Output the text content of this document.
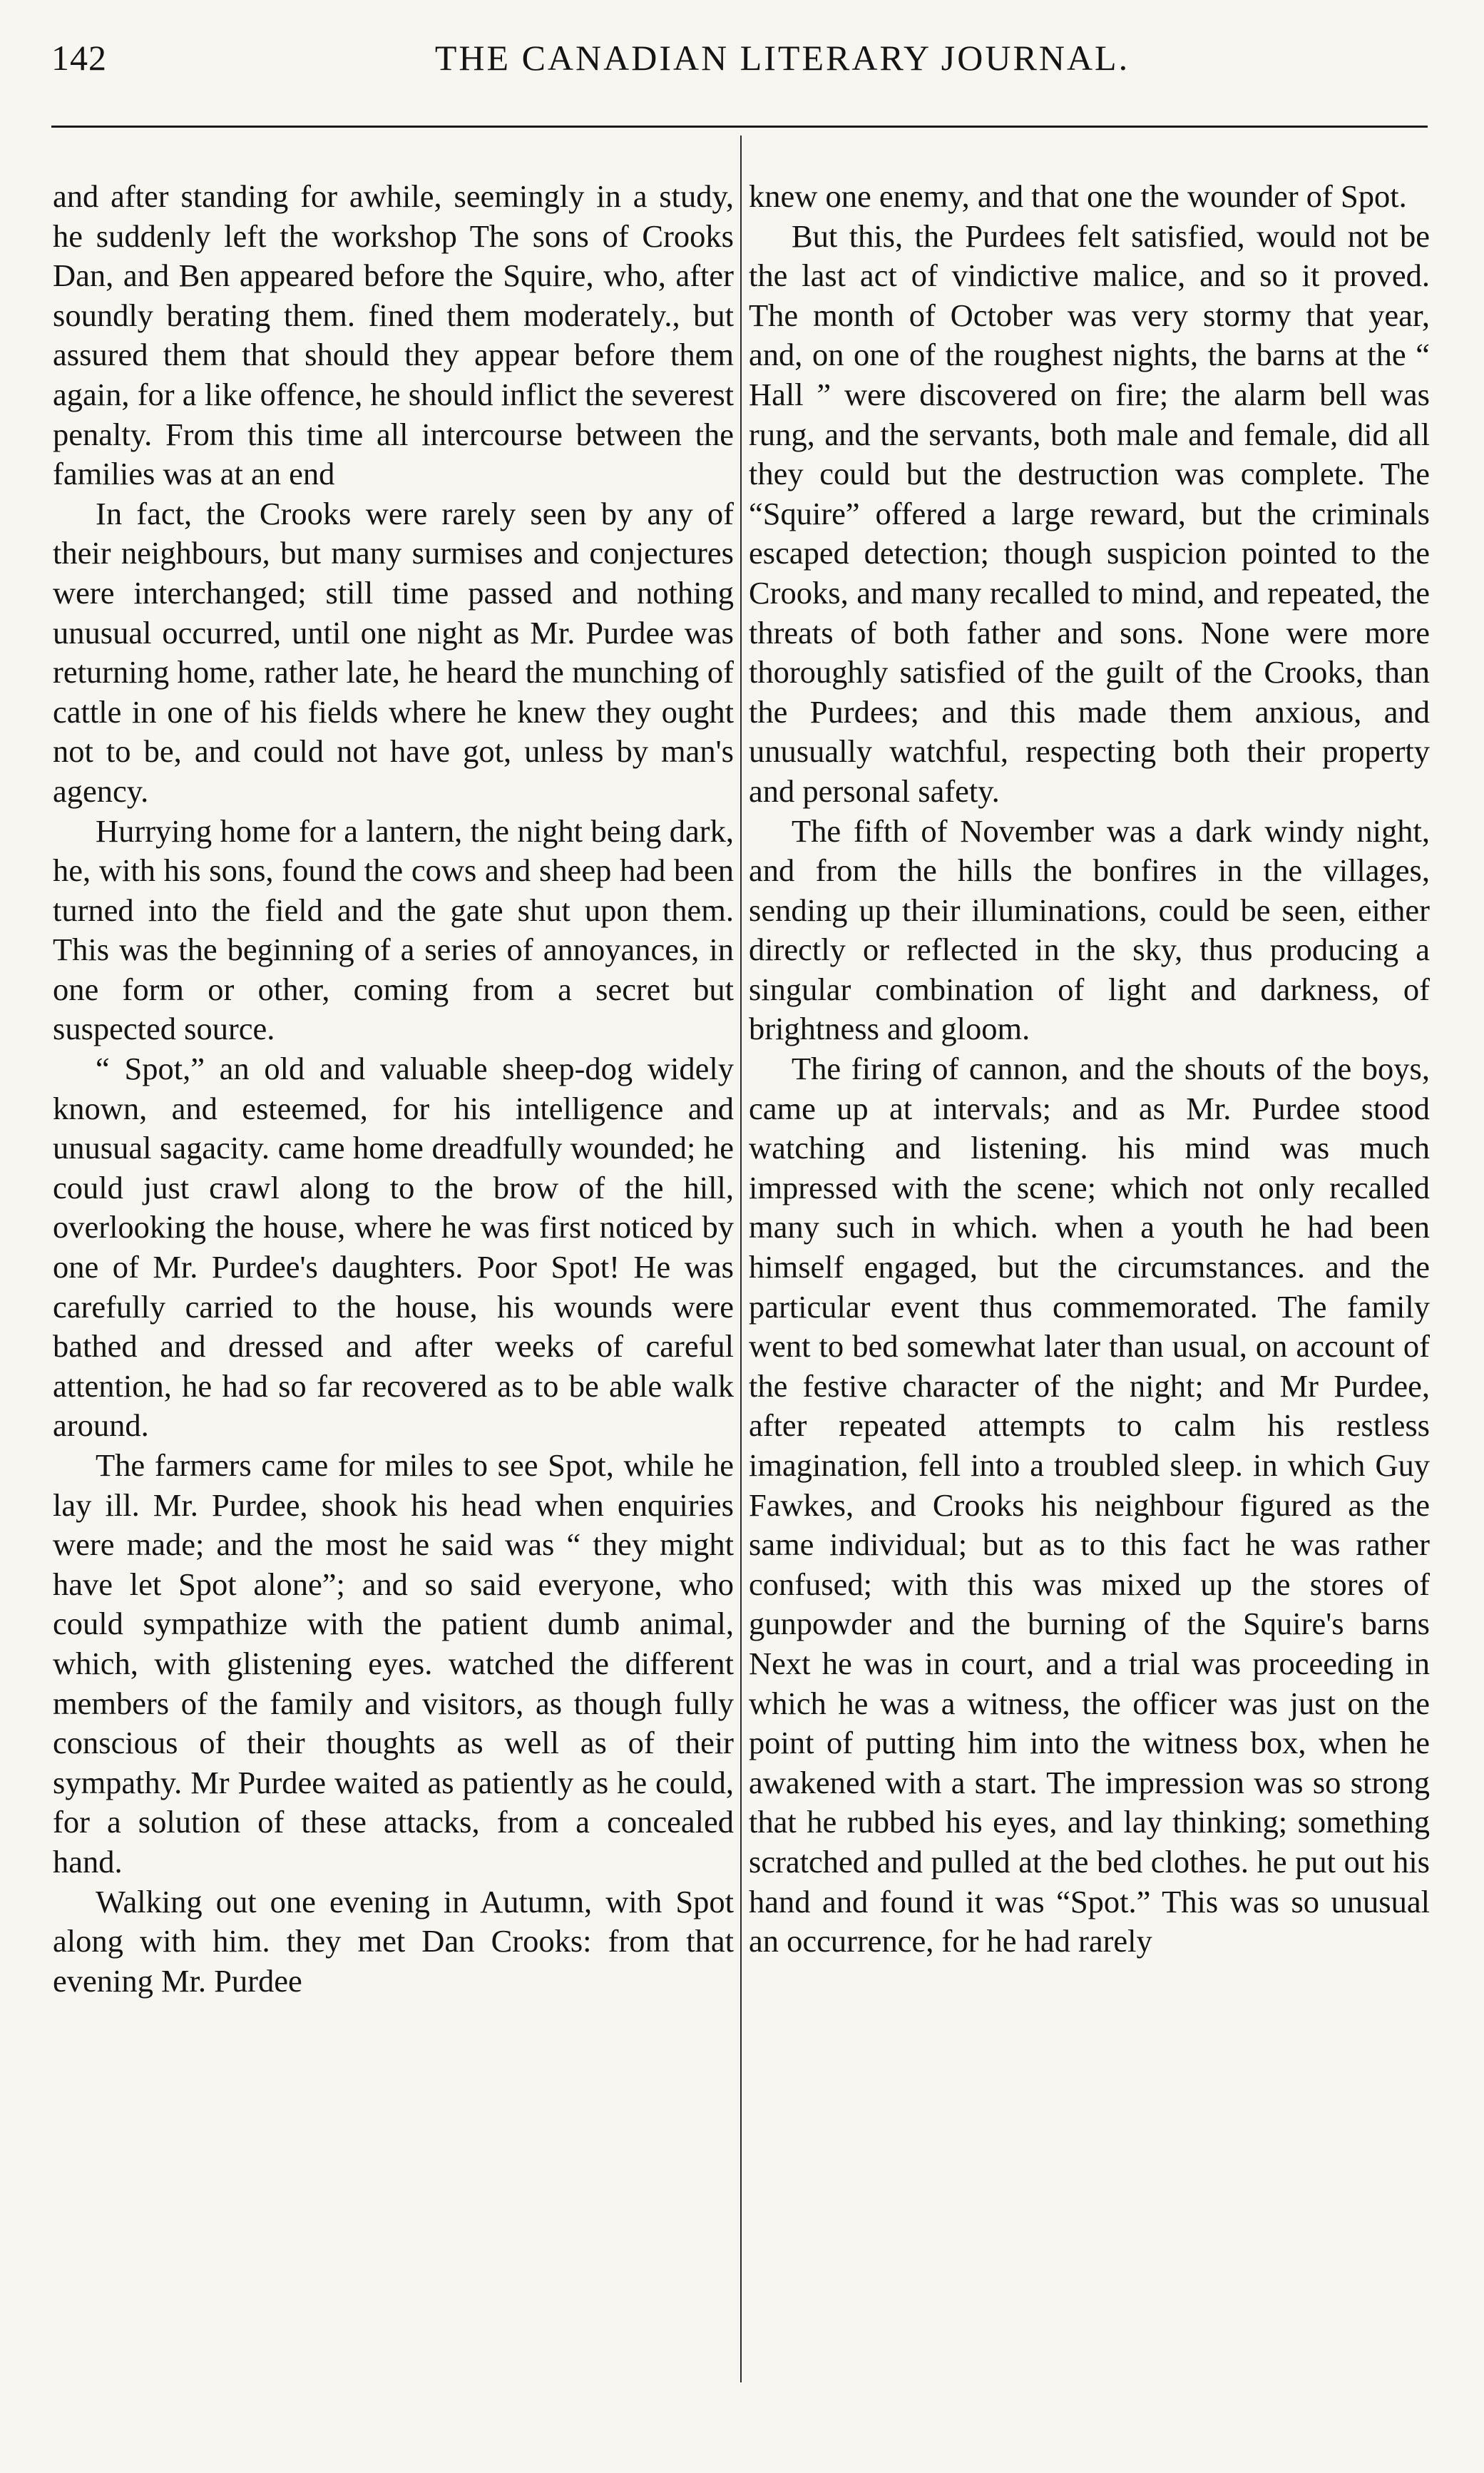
142	THE CANADIAN LITERARY JOURNAL.

and after standing for awhile, seemingly in a study, he suddenly left the workshop The sons of Crooks Dan, and Ben appeared before the Squire, who, after soundly berating them. fined them moderately., but assured them that should they appear before them again, for a like offence, he should inflict the severest penalty. From this time all intercourse between the families was at an end

In fact, the Crooks were rarely seen by any of their neighbours, but many surmises and conjectures were interchanged; still time passed and nothing unusual occurred, until one night as Mr. Purdee was returning home, rather late, he heard the munching of cattle in one of his fields where he knew they ought not to be, and could not have got, unless by man's agency.

Hurrying home for a lantern, the night being dark, he, with his sons, found the cows and sheep had been turned into the field and the gate shut upon them. This was the beginning of a series of annoyances, in one form or other, coming from a secret but suspected source.

“ Spot,” an old and valuable sheep-dog widely known, and esteemed, for his intelligence and unusual sagacity. came home dreadfully wounded; he could just crawl along to the brow of the hill, overlooking the house, where he was first noticed by one of Mr. Purdee's daughters. Poor Spot! He was carefully carried to the house, his wounds were bathed and dressed and after weeks of careful attention, he had so far recovered as to be able walk around.

The farmers came for miles to see Spot, while he lay ill. Mr. Purdee, shook his head when enquiries were made; and the most he said was “ they might have let Spot alone”; and so said everyone, who could sympathize with the patient dumb animal, which, with glistening eyes. watched the different members of the family and visitors, as though fully conscious of their thoughts as well as of their sympathy. Mr Purdee waited as patiently as he could, for a solution of these attacks, from a concealed hand.

Walking out one evening in Autumn, with Spot along with him. they met Dan Crooks: from that evening Mr. Purdee

knew one enemy, and that one the wounder of Spot.

But this, the Purdees felt satisfied, would not be the last act of vindictive malice, and so it proved. The month of October was very stormy that year, and, on one of the roughest nights, the barns at the “ Hall ” were discovered on fire; the alarm bell was rung, and the servants, both male and female, did all they could but the destruction was complete. The “Squire” offered a large reward, but the criminals escaped detection; though suspicion pointed to the Crooks, and many recalled to mind, and repeated, the threats of both father and sons. None were more thoroughly satisfied of the guilt of the Crooks, than the Purdees; and this made them anxious, and unusually watchful, respecting both their property and personal safety.

The fifth of November was a dark windy night, and from the hills the bonfires in the villages, sending up their illuminations, could be seen, either directly or reflected in the sky, thus producing a singular combination of light and darkness, of brightness and gloom.

The firing of cannon, and the shouts of the boys, came up at intervals; and as Mr. Purdee stood watching and listening. his mind was much impressed with the scene; which not only recalled many such in which. when a youth he had been himself engaged, but the circumstances. and the particular event thus commemorated. The family went to bed somewhat later than usual, on account of the festive character of the night; and Mr Purdee, after repeated attempts to calm his restless imagination, fell into a troubled sleep. in which Guy Fawkes, and Crooks his neighbour figured as the same individual; but as to this fact he was rather confused; with this was mixed up the stores of gunpowder and the burning of the Squire's barns Next he was in court, and a trial was proceeding in which he was a witness, the officer was just on the point of putting him into the witness box, when he awakened with a start. The impression was so strong that he rubbed his eyes, and lay thinking; something scratched and pulled at the bed clothes. he put out his hand and found it was “Spot.” This was so unusual an occurrence, for he had rarely
